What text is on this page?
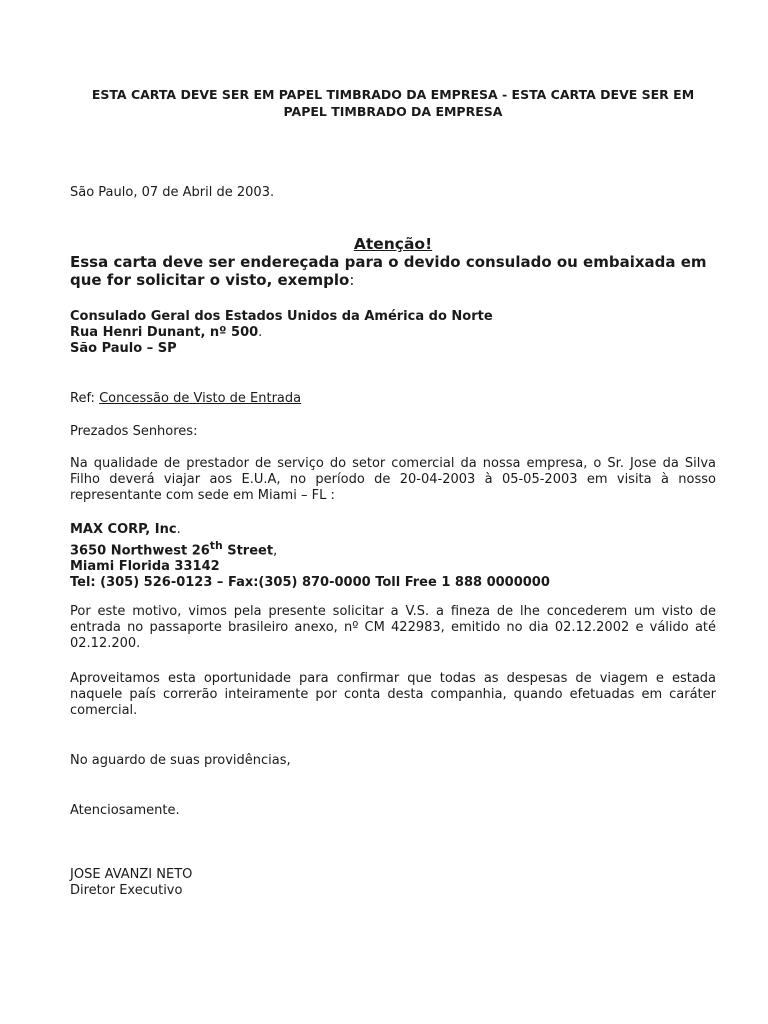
ESTA CARTA DEVE SER EM PAPEL TIMBRADO DA EMPRESA - ESTA CARTA DEVE SER EM PAPEL TIMBRADO DA EMPRESA
São Paulo, 07 de Abril de 2003.
Atenção!
Essa carta deve ser endereçada para o devido consulado ou embaixada em que for solicitar o visto, exemplo:
Consulado Geral dos Estados Unidos da América do Norte
Rua Henri Dunant, nº 500.
São Paulo – SP
Ref: Concessão de Visto de Entrada
Prezados Senhores:
Na qualidade de prestador de serviço do setor comercial da nossa empresa, o Sr. Jose da Silva Filho deverá viajar aos E.U.A, no período de 20-04-2003 à 05-05-2003 em visita à nosso representante com sede em Miami – FL :
MAX CORP, Inc.
3650 Northwest 26th Street,
Miami Florida 33142
Tel: (305) 526-0123 – Fax:(305) 870-0000 Toll Free 1 888 0000000
Por este motivo, vimos pela presente solicitar a V.S. a fineza de lhe concederem um visto de entrada no passaporte brasileiro anexo, nº CM 422983, emitido no dia 02.12.2002 e válido até 02.12.200.
Aproveitamos esta oportunidade para confirmar que todas as despesas de viagem e estada naquele país correrão inteiramente por conta desta companhia, quando efetuadas em caráter comercial.
No aguardo de suas providências,
Atenciosamente.
JOSE AVANZI NETO
Diretor Executivo
